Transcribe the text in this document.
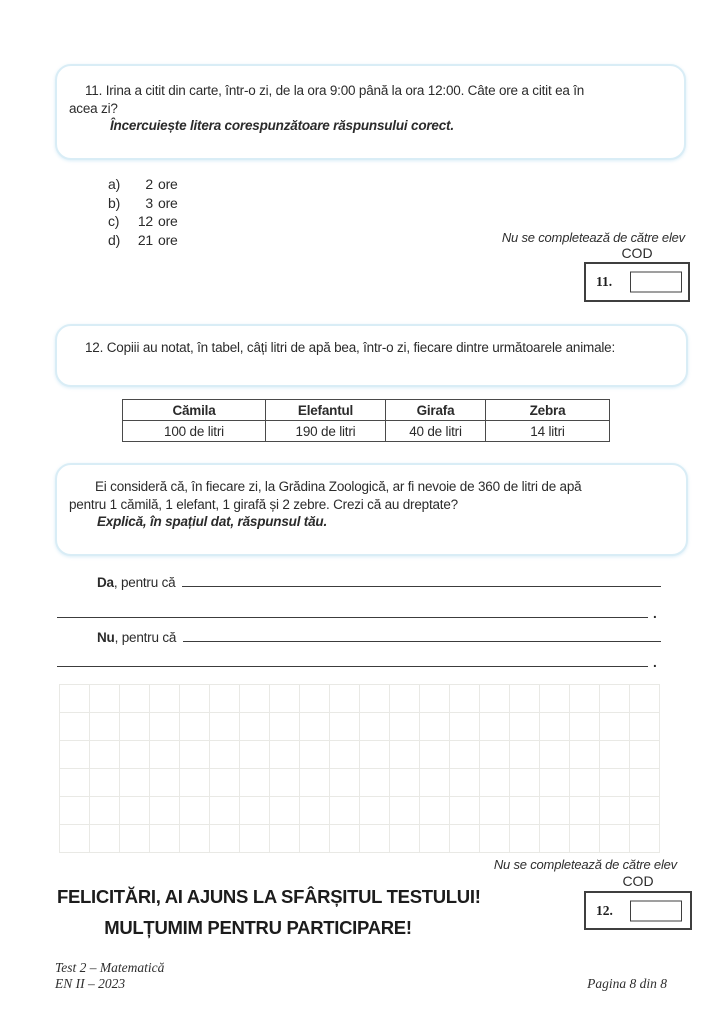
11. Irina a citit din carte, într-o zi, de la ora 9:00 până la ora 12:00. Câte ore a citit ea în
acea zi?
Încercuiește litera corespunzătoare răspunsului corect.
a)	2 ore
b)	3 ore
c)	12 ore
d)	21 ore	Nu se completează de către elev
COD
11.
12. Copiii au notat, în tabel, câți litri de apă bea, într-o zi, fiecare dintre următoarele animale:
Cămila	Elefantul	Girafa	Zebra
100 de litri	190 de litri	40 de litri	14 litri
Ei consideră că, în fiecare zi, la Grădina Zoologică, ar fi nevoie de 360 de litri de apă
pentru 1 cămilă, 1 elefant, 1 girafă și 2 zebre. Crezi că au dreptate?
Explică, în spațiul dat, răspunsul tău.
Da , pentru că
.
Nu , pentru că
.
Nu se completează de către elev
COD
12.
FELICITĂRI, AI AJUNS LA SFÂRȘITUL TESTULUI!
MULȚUMIM PENTRU PARTICIPARE!
Test 2 – Matematică
EN II – 2023	Pagina 8 din 8
